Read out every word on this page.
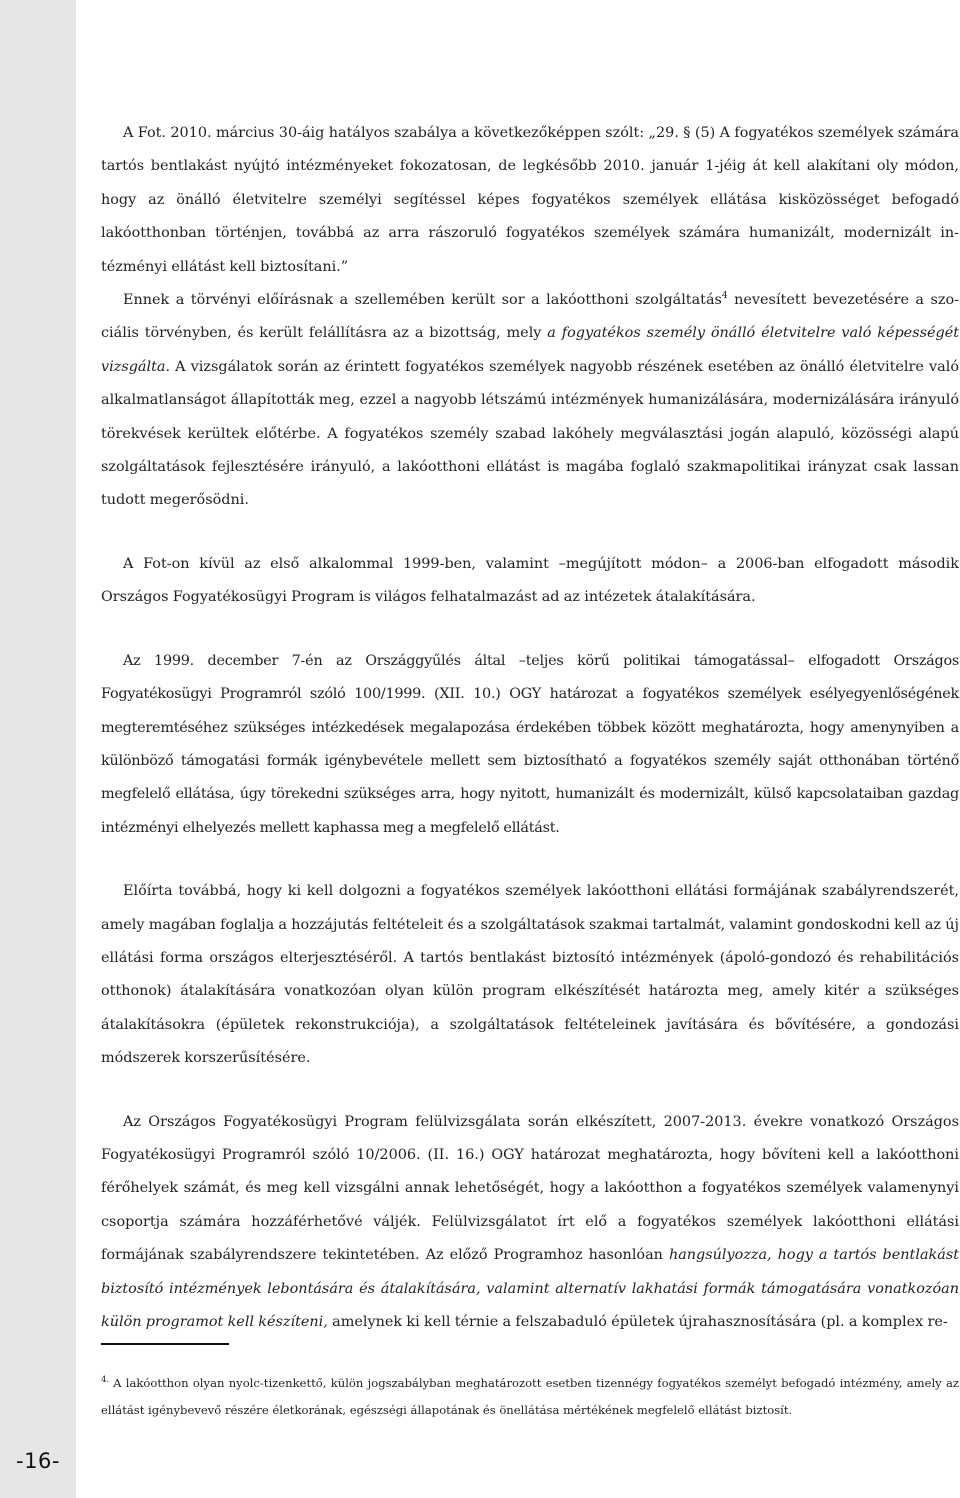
-16-

A Fot. 2010. március 30-áig hatályos szabálya a következőképpen szólt: „29. § (5) A fogyatékos személyek számára tartós bentlakást nyújtó intézményeket fokozatosan, de legkésőbb 2010. január 1-jéig át kell alakítani oly módon, hogy az önálló életvitelre személyi segítéssel képes fogyatékos személyek ellátása kisközösséget befogadó lakóotthonban történjen, továbbá az arra rászoruló fogyatékos személyek számára humanizált, modernizált intézményi ellátást kell biztosítani.”

Ennek a törvényi előírásnak a szellemében került sor a lakóotthoni szolgáltatás$^4$ nevesített bevezetésére a szociális törvényben, és került felállításra az a bizottság, mely a fogyatékos személy önálló életvitelre való képességét vizsgálta. A vizsgálatok során az érintett fogyatékos személyek nagyobb részének esetében az önálló életvitelre való alkalmatlanságot állapították meg, ezzel a nagyobb létszámú intézmények humanizálására, modernizálására irányuló törekvések kerültek előtérbe. A fogyatékos személy szabad lakóhely megválasztási jogán alapuló, közösségi alapú szolgáltatások fejlesztésére irányuló, a lakóotthoni ellátást is magába foglaló szakmapolitikai irányzat csak lassan tudott megerősödni.

A Fot-on kívül az első alkalommal 1999-ben, valamint –megújított módon– a 2006-ban elfogadott második Országos Fogyatékosügyi Program is világos felhatalmazást ad az intézetek átalakítására.

Az 1999. december 7-én az Országgyűlés által –teljes körű politikai támogatással– elfogadott Országos Fogyatékosügyi Programról szóló 100/1999. (XII. 10.) OGY határozat a fogyatékos személyek esélyegyenlőségének megteremtéséhez szükséges intézkedések megalapozása érdekében többek között meghatározta, hogy amenynyiben a különböző támogatási formák igénybevétele mellett sem biztosítható a fogyatékos személy saját otthonában történő megfelelő ellátása, úgy törekedni szükséges arra, hogy nyitott, humanizált és modernizált, külső kapcsolataiban gazdag intézményi elhelyezés mellett kaphassa meg a megfelelő ellátást.

Előírta továbbá, hogy ki kell dolgozni a fogyatékos személyek lakóotthoni ellátási formájának szabályrendszerét, amely magában foglalja a hozzájutás feltételeit és a szolgáltatások szakmai tartalmát, valamint gondoskodni kell az új ellátási forma országos elterjesztéséről. A tartós bentlakást biztosító intézmények (ápoló-gondozó és rehabilitációs otthonok) átalakítására vonatkozóan olyan külön program elkészítését határozta meg, amely kitér a szükséges átalakításokra (épületek rekonstrukciója), a szolgáltatások feltételeinek javítására és bővítésére, a gondozási módszerek korszerűsítésére.

Az Országos Fogyatékosügyi Program felülvizsgálata során elkészített, 2007-2013. évekre vonatkozó Országos Fogyatékosügyi Programról szóló 10/2006. (II. 16.) OGY határozat meghatározta, hogy bővíteni kell a lakóotthoni férőhelyek számát, és meg kell vizsgálni annak lehetőségét, hogy a lakóotthon a fogyatékos személyek valamenynyi csoportja számára hozzáférhetővé váljék. Felülvizsgálatot írt elő a fogyatékos személyek lakóotthoni ellátási formájának szabályrendszere tekintetében. Az előző Programhoz hasonlóan hangsúlyozza, hogy a tartós bentlakást biztosító intézmények lebontására és átalakítására, valamint alternatív lakhatási formák támogatására vonatkozóan külön programot kell készíteni, amelynek ki kell térnie a felszabaduló épületek újrahasznosítására (pl. a komplex re-

$^{4.}$ A lakóotthon olyan nyolc-tizenkettő, külön jogszabályban meghatározott esetben tizennégy fogyatékos személyt befogadó intézmény, amely az ellátást igénybevevő részére életkorának, egészségi állapotának és önellátása mértékének megfelelő ellátást biztosít.
